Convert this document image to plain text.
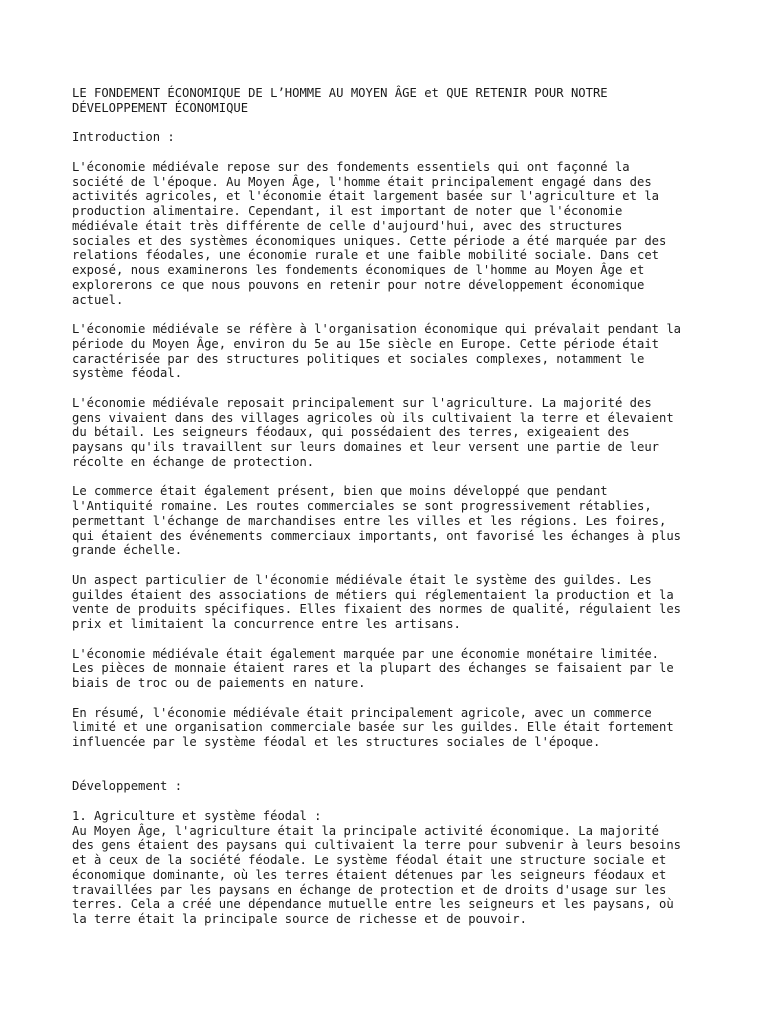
LE FONDEMENT ÉCONOMIQUE DE L’HOMME AU MOYEN ÂGE et QUE RETENIR POUR NOTRE
DÉVELOPPEMENT ÉCONOMIQUE

Introduction :

L'économie médiévale repose sur des fondements essentiels qui ont façonné la
société de l'époque. Au Moyen Âge, l'homme était principalement engagé dans des
activités agricoles, et l'économie était largement basée sur l'agriculture et la
production alimentaire. Cependant, il est important de noter que l'économie
médiévale était très différente de celle d'aujourd'hui, avec des structures
sociales et des systèmes économiques uniques. Cette période a été marquée par des
relations féodales, une économie rurale et une faible mobilité sociale. Dans cet
exposé, nous examinerons les fondements économiques de l'homme au Moyen Âge et
explorerons ce que nous pouvons en retenir pour notre développement économique
actuel.

L'économie médiévale se réfère à l'organisation économique qui prévalait pendant la
période du Moyen Âge, environ du 5e au 15e siècle en Europe. Cette période était
caractérisée par des structures politiques et sociales complexes, notamment le
système féodal.

L'économie médiévale reposait principalement sur l'agriculture. La majorité des
gens vivaient dans des villages agricoles où ils cultivaient la terre et élevaient
du bétail. Les seigneurs féodaux, qui possédaient des terres, exigeaient des
paysans qu'ils travaillent sur leurs domaines et leur versent une partie de leur
récolte en échange de protection.

Le commerce était également présent, bien que moins développé que pendant
l'Antiquité romaine. Les routes commerciales se sont progressivement rétablies,
permettant l'échange de marchandises entre les villes et les régions. Les foires,
qui étaient des événements commerciaux importants, ont favorisé les échanges à plus
grande échelle.

Un aspect particulier de l'économie médiévale était le système des guildes. Les
guildes étaient des associations de métiers qui réglementaient la production et la
vente de produits spécifiques. Elles fixaient des normes de qualité, régulaient les
prix et limitaient la concurrence entre les artisans.

L'économie médiévale était également marquée par une économie monétaire limitée.
Les pièces de monnaie étaient rares et la plupart des échanges se faisaient par le
biais de troc ou de paiements en nature.

En résumé, l'économie médiévale était principalement agricole, avec un commerce
limité et une organisation commerciale basée sur les guildes. Elle était fortement
influencée par le système féodal et les structures sociales de l'époque.

Développement :

1. Agriculture et système féodal :

Au Moyen Âge, l'agriculture était la principale activité économique. La majorité
des gens étaient des paysans qui cultivaient la terre pour subvenir à leurs besoins
et à ceux de la société féodale. Le système féodal était une structure sociale et
économique dominante, où les terres étaient détenues par les seigneurs féodaux et
travaillées par les paysans en échange de protection et de droits d'usage sur les
terres. Cela a créé une dépendance mutuelle entre les seigneurs et les paysans, où
la terre était la principale source de richesse et de pouvoir.
